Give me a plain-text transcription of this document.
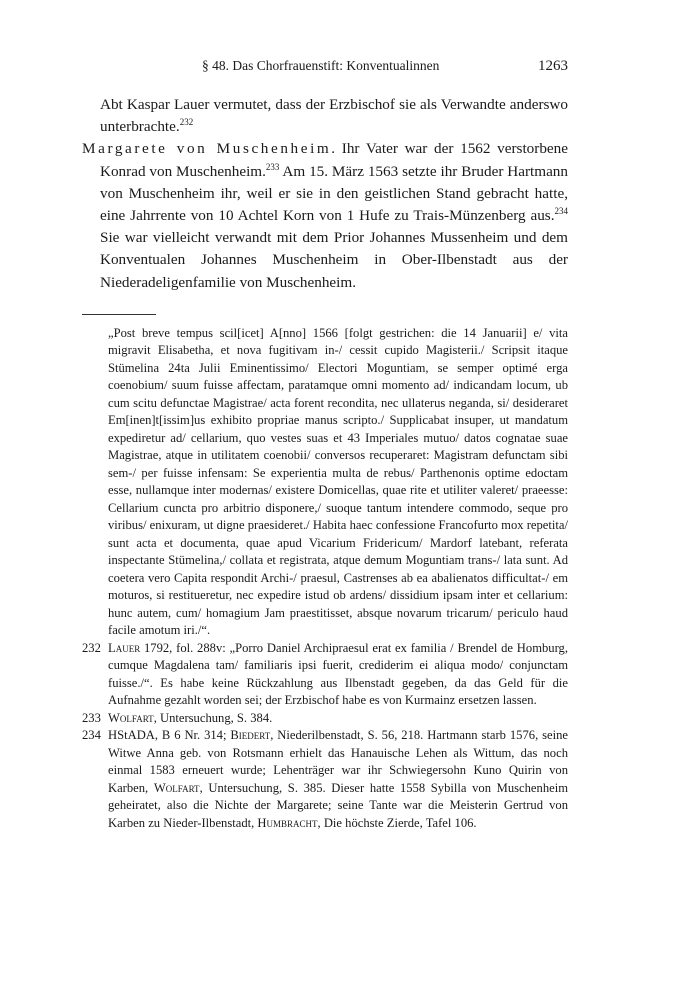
§ 48. Das Chorfrauenstift: Konventualinnen	1263

Abt Kaspar Lauer vermutet, dass der Erzbischof sie als Verwandte anderswo unterbrachte.$^{232}$

Margarete von Muschenheim. Ihr Vater war der 1562 verstorbene Konrad von Muschenheim.$^{233}$ Am 15. März 1563 setzte ihr Bruder Hartmann von Muschenheim ihr, weil er sie in den geistlichen Stand gebracht hatte, eine Jahrrente von 10 Achtel Korn von 1 Hufe zu Trais-Münzenberg aus.$^{234}$ Sie war vielleicht verwandt mit dem Prior Johannes Mussenheim und dem Konventualen Johannes Muschenheim in Ober-Ilbenstadt aus der Niederadeligenfamilie von Muschenheim.

„Post breve tempus scil[icet] A[nno] 1566 [folgt gestrichen: die 14 Januarii] e/ vita migravit Elisabetha, et nova fugitivam in-/ cessit cupido Magisterii./ Scripsit itaque Stümelina 24ta Julii Eminentissimo/ Electori Moguntiam, se semper optimé erga coenobium/ suum fuisse affectam, paratamque omni momento ad/ indicandam locum, ub cum scitu defunctae Magistrae/ acta forent recondita, nec ullaterus neganda, si/ desideraret Em[inen]t[issim]us exhibito propriae manus scripto./ Supplicabat insuper, ut mandatum expediretur ad/ cellarium, quo vestes suas et 43 Imperiales mutuo/ datos cognatae suae Magistrae, atque in utilitatem coenobii/ conversos recuperaret: Magistram defunctam sibi sem-/ per fuisse infensam: Se experientia multa de rebus/ Parthenonis optime edoctam esse, nullamque inter modernas/ existere Domicellas, quae rite et utiliter valeret/ praeesse: Cellarium cuncta pro arbitrio disponere,/ suoque tantum intendere commodo, seque pro viribus/ enixuram, ut digne praesideret./ Habita haec confessione Francofurto mox repetita/ sunt acta et documenta, quae apud Vicarium Fridericum/ Mardorf latebant, referata inspectante Stümelina,/ collata et registrata, atque demum Moguntiam trans-/ lata sunt. Ad coetera vero Capita respondit Archi-/ praesul, Castrenses ab ea abalienatos difficultat-/ em moturos, si restitueretur, nec expedire istud ob ardens/ dissidium ipsam inter et cellarium: hunc autem, cum/ homagium Jam praestitisset, absque novarum tricarum/ periculo haud facile amotum iri./“.

232 Lauer 1792, fol. 288v: „Porro Daniel Archipraesul erat ex familia / Brendel de Homburg, cumque Magdalena tam/ familiaris ipsi fuerit, crediderim ei aliqua modo/ conjunctam fuisse./“. Es habe keine Rückzahlung aus Ilbenstadt gegeben, da das Geld für die Aufnahme gezahlt worden sei; der Erzbischof habe es von Kurmainz ersetzen lassen.

233 Wolfart, Untersuchung, S. 384.

234 HStADA, B 6 Nr. 314; Biedert, Niederilbenstadt, S. 56, 218. Hartmann starb 1576, seine Witwe Anna geb. von Rotsmann erhielt das Hanauische Lehen als Wittum, das noch einmal 1583 erneuert wurde; Lehenträger war ihr Schwiegersohn Kuno Quirin von Karben, Wolfart, Untersuchung, S. 385. Dieser hatte 1558 Sybilla von Muschenheim geheiratet, also die Nichte der Margarete; seine Tante war die Meisterin Gertrud von Karben zu Nieder-Ilbenstadt, Humbracht, Die höchste Zierde, Tafel 106.
